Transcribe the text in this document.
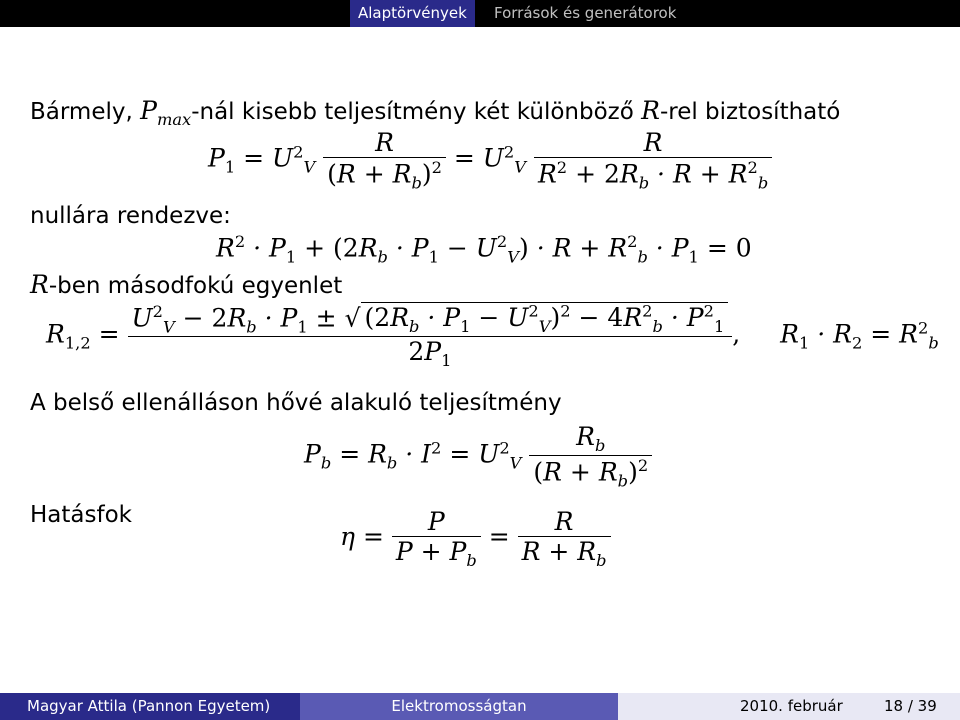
Alaptörvények	Források és generátorok
Bármely, $P_{max}$-nál kisebb teljesítmény két különböző R-rel biztosítható
$P_1 = U^2_V \frac{R}{(R + R_b)^2} = U^2_V \frac{R}{R^2 + 2R_b \cdot R + R^2_b}$
nullára rendezve:
$R^2 \cdot P_1 + (2R_b \cdot P_1 - U^2_V) \cdot R + R^2_b \cdot P_1 = 0$
R-ben másodfokú egyenlet
$R_{1,2} = \frac{U^2_V - 2R_b \cdot P_1 \pm √ (2R_b \cdot P_1 - U^2_V)^2 - 4R^2_b \cdot P^2_1}{2P_1}$ ,  $R_1 \cdot R_2 = R^2_b$
A belső ellenálláson hővé alakuló teljesítmény
$P_b = R_b \cdot I^2 = U^2_V \frac{R_b}{(R + R_b)^2}$
Hatásfok
$\eta = \frac{P}{P + P_b} = \frac{R}{R + R_b}$
Magyar Attila (Pannon Egyetem)	Elektromosságtan	2010. február	18 / 39
